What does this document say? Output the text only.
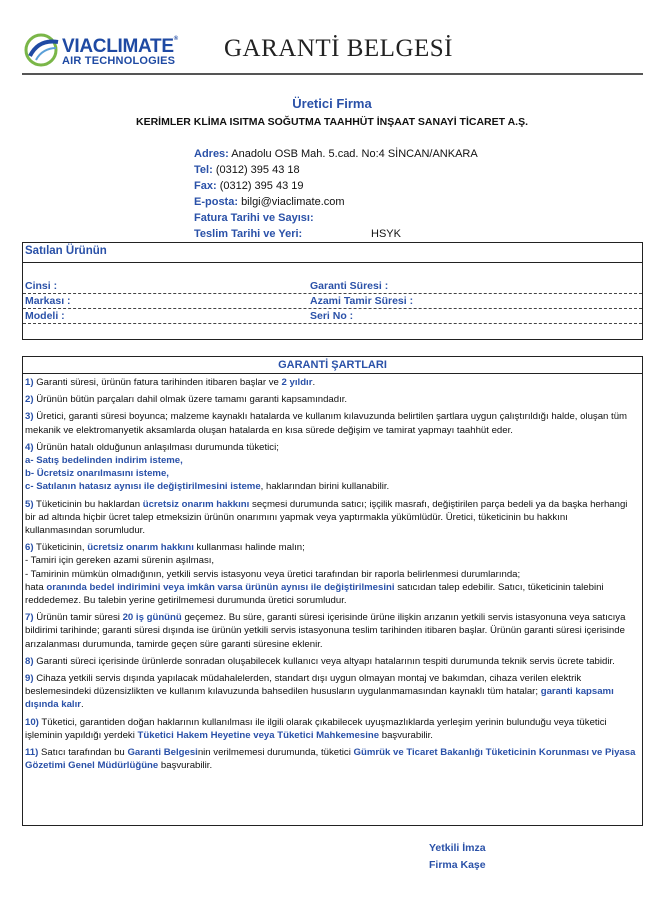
VIACLIMATE®
AIR TECHNOLOGIES GARANTİ BELGESİ
Üretici Firma
KERİMLER KLİMA ISITMA SOĞUTMA TAAHHÜT İNŞAAT SANAYİ TİCARET A.Ş.
Adres: Anadolu OSB Mah. 5.cad. No:4 SİNCAN/ANKARA
Tel: (0312) 395 43 18
Fax: (0312) 395 43 19
E-posta: bilgi@viaclimate.com
Fatura Tarihi ve Sayısı:
Teslim Tarihi ve Yeri:	HSYK
Satılan Ürünün
Cinsi :	Garanti Süresi :
Markası :	Azami Tamir Süresi :
Modeli :	Seri No :
GARANTİ ŞARTLARI

1) Garanti süresi, ürünün fatura tarihinden itibaren başlar ve 2 yıldır.

2) Ürünün bütün parçaları dahil olmak üzere tamamı garanti kapsamındadır.

3) Üretici, garanti süresi boyunca; malzeme kaynaklı hatalarda ve kullanım kılavuzunda belirtilen şartlara uygun çalıştırıldığı halde, oluşan tüm mekanik ve elektromanyetik aksamlarda oluşan hatalarda en kısa sürede değişim ve tamirat yapmayı taahhüt eder.

4) Ürünün hatalı olduğunun anlaşılması durumunda tüketici;
a- Satış bedelinden indirim isteme,
b- Ücretsiz onarılmasını isteme,
c- Satılanın hatasız aynısı ile değiştirilmesini isteme, haklarından birini kullanabilir.

5) Tüketicinin bu haklardan ücretsiz onarım hakkını seçmesi durumunda satıcı; işçilik masrafı, değiştirilen parça bedeli ya da başka herhangi bir ad altında hiçbir ücret talep etmeksizin ürünün onarımını yapmak veya yaptırmakla yükümlüdür. Üretici, tüketicinin bu hakkını kullanmasından sorumludur.

6) Tüketicinin, ücretsiz onarım hakkını kullanması halinde malın;
- Tamiri için gereken azami sürenin aşılması,
- Tamirinin mümkün olmadığının, yetkili servis istasyonu veya üretici tarafından bir raporla belirlenmesi durumlarında;
hata oranında bedel indirimini veya imkân varsa ürünün aynısı ile değiştirilmesini satıcıdan talep edebilir. Satıcı, tüketicinin talebini reddedemez. Bu talebin yerine getirilmemesi durumunda üretici sorumludur.

7) Ürünün tamir süresi 20 iş gününü geçemez. Bu süre, garanti süresi içerisinde ürüne ilişkin arızanın yetkili servis istasyonuna veya satıcıya bildirimi tarihinde; garanti süresi dışında ise ürünün yetkili servis istasyonuna teslim tarihinden itibaren başlar. Ürünün garanti süresi içerisinde arızalanması durumunda, tamirde geçen süre garanti süresine eklenir.

8) Garanti süreci içerisinde ürünlerde sonradan oluşabilecek kullanıcı veya altyapı hatalarının tespiti durumunda teknik servis ücrete tabidir.

9) Cihaza yetkili servis dışında yapılacak müdahalelerden, standart dışı uygun olmayan montaj ve bakımdan, cihaza verilen elektrik beslemesindeki düzensizlikten ve kullanım kılavuzunda bahsedilen hususların uygulanmamasından kaynaklı tüm hatalar; garanti kapsamı dışında kalır.

10) Tüketici, garantiden doğan haklarının kullanılması ile ilgili olarak çıkabilecek uyuşmazlıklarda yerleşim yerinin bulunduğu veya tüketici işleminin yapıldığı yerdeki Tüketici Hakem Heyetine veya Tüketici Mahkemesine başvurabilir.

11) Satıcı tarafından bu Garanti Belgesinin verilmemesi durumunda, tüketici Gümrük ve Ticaret Bakanlığı Tüketicinin Korunması ve Piyasa Gözetimi Genel Müdürlüğüne başvurabilir.

Yetkili İmza
Firma Kaşe
